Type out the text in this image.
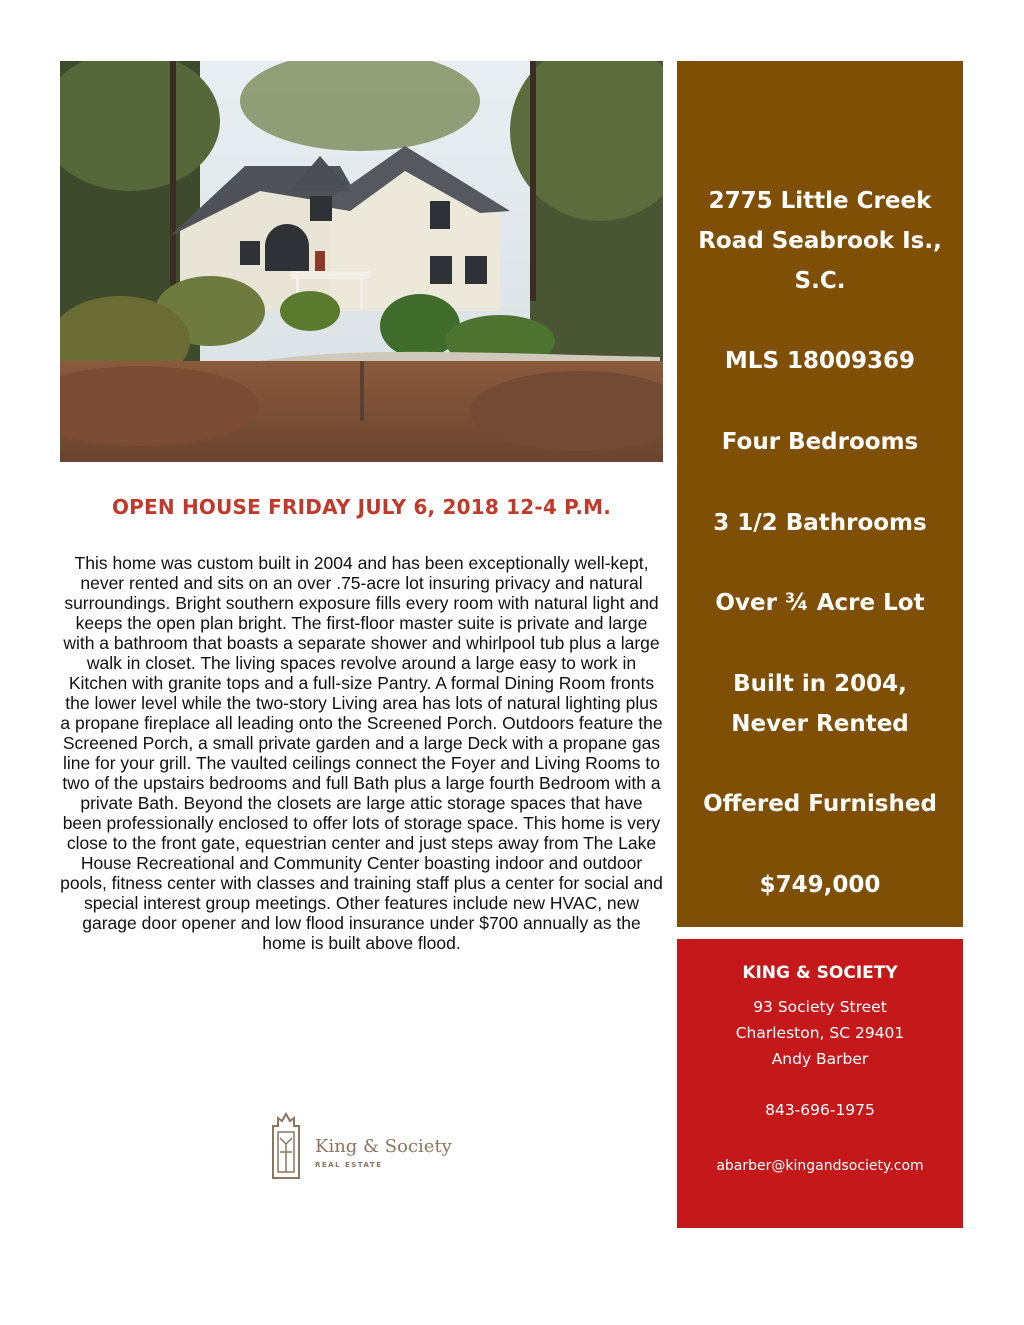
OPEN HOUSE FRIDAY JULY 6, 2018 12-4 P.M.
This home was custom built in 2004 and has been exceptionally well-kept, never rented and sits on an over .75-acre lot insuring privacy and natural surroundings. Bright southern exposure fills every room with natural light and keeps the open plan bright. The first-floor master suite is private and large with a bathroom that boasts a separate shower and whirlpool tub plus a large walk in closet. The living spaces revolve around a large easy to work in Kitchen with granite tops and a full-size Pantry. A formal Dining Room fronts the lower level while the two-story Living area has lots of natural lighting plus a propane fireplace all leading onto the Screened Porch. Outdoors feature the Screened Porch, a small private garden and a large Deck with a propane gas line for your grill. The vaulted ceilings connect the Foyer and Living Rooms to two of the upstairs bedrooms and full Bath plus a large fourth Bedroom with a private Bath. Beyond the closets are large attic storage spaces that have been professionally enclosed to offer lots of storage space. This home is very close to the front gate, equestrian center and just steps away from The Lake House Recreational and Community Center boasting indoor and outdoor pools, fitness center with classes and training staff plus a center for social and special interest group meetings. Other features include new HVAC, new garage door opener and low flood insurance under $700 annually as the home is built above flood.
King & Society
REAL ESTATE
2775 Little Creek
Road Seabrook Is.,
S.C.
MLS 18009369
Four Bedrooms
3 1/2 Bathrooms
Over ¾ Acre Lot
Built in 2004,
Never Rented
Offered Furnished
$749,000
KING & SOCIETY
93 Society Street
Charleston, SC 29401
Andy Barber
843-696-1975
abarber@kingandsociety.com
